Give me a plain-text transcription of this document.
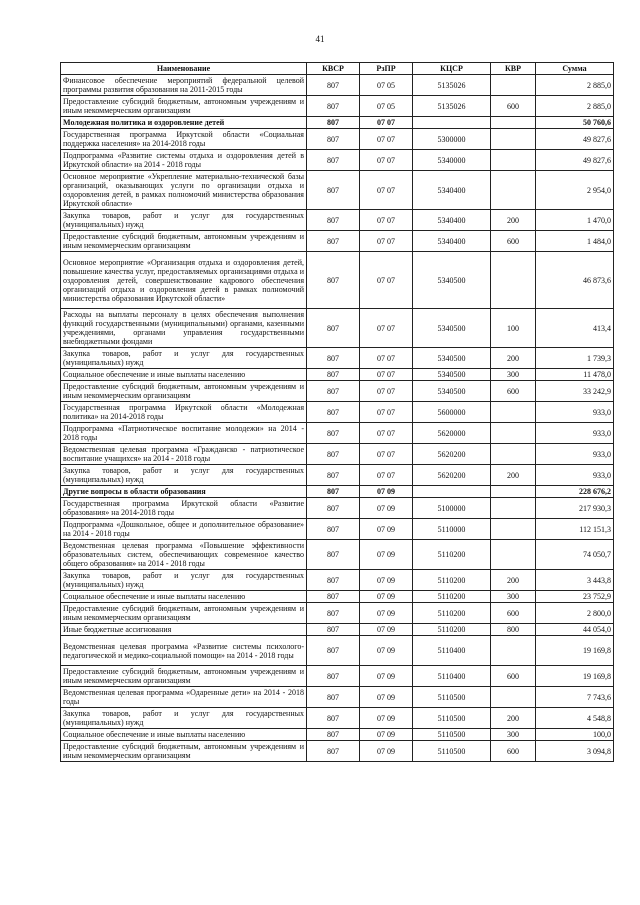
41
Наименование	КВСР	РзПР	КЦСР	КВР	Сумма
Финансовое обеспечение мероприятий федеральной целевой программы развития образования на 2011-2015 годы	807	07 05	5135026		2 885,0
Предоставление субсидий бюджетным, автономным учреждениям и иным некоммерческим организациям	807	07 05	5135026	600	2 885,0
Молодежная политика и оздоровление детей	807	07 07			50 760,6
Государственная программа Иркутской области «Социальная поддержка населения» на 2014-2018 годы	807	07 07	5300000		49 827,6
Подпрограмма «Развитие системы отдыха и оздоровления детей в Иркутской области» на 2014 - 2018 годы	807	07 07	5340000		49 827,6
Основное мероприятие «Укрепление материально-технической базы организаций, оказывающих услуги по организации отдыха и оздоровления детей, в рамках полномочий министерства образования Иркутской области»	807	07 07	5340400		2 954,0
Закупка товаров, работ и услуг для государственных (муниципальных) нужд	807	07 07	5340400	200	1 470,0
Предоставление субсидий бюджетным, автономным учреждениям и иным некоммерческим организациям	807	07 07	5340400	600	1 484,0
Основное мероприятие «Организация отдыха и оздоровления детей, повышение качества услуг, предоставляемых организациями отдыха и оздоровления детей, совершенствование кадрового обеспечения организаций отдыха и оздоровления детей в рамках полномочий министерства образования Иркутской области»	807	07 07	5340500		46 873,6
Расходы на выплаты персоналу в целях обеспечения выполнения функций государственными (муниципальными) органами, казенными учреждениями, органами управления государственными внебюджетными фондами	807	07 07	5340500	100	413,4
Закупка товаров, работ и услуг для государственных (муниципальных) нужд	807	07 07	5340500	200	1 739,3
Социальное обеспечение и иные выплаты населению	807	07 07	5340500	300	11 478,0
Предоставление субсидий бюджетным, автономным учреждениям и иным некоммерческим организациям	807	07 07	5340500	600	33 242,9
Государственная программа Иркутской области «Молодежная политика» на 2014-2018 годы	807	07 07	5600000		933,0
Подпрограмма «Патриотическое воспитание молодежи» на 2014 - 2018 годы	807	07 07	5620000		933,0
Ведомственная целевая программа «Гражданско - патриотическое воспитание учащихся» на 2014 - 2018 годы	807	07 07	5620200		933,0
Закупка товаров, работ и услуг для государственных (муниципальных) нужд	807	07 07	5620200	200	933,0
Другие вопросы в области образования	807	07 09			228 676,2
Государственная программа Иркутской области «Развитие образования» на 2014-2018 годы	807	07 09	5100000		217 930,3
Подпрограмма «Дошкольное, общее и дополнительное образование» на 2014 - 2018 годы	807	07 09	5110000		112 151,3
Ведомственная целевая программа «Повышение эффективности образовательных систем, обеспечивающих современное качество общего образования» на 2014 - 2018 годы	807	07 09	5110200		74 050,7
Закупка товаров, работ и услуг для государственных (муниципальных) нужд	807	07 09	5110200	200	3 443,8
Социальное обеспечение и иные выплаты населению	807	07 09	5110200	300	23 752,9
Предоставление субсидий бюджетным, автономным учреждениям и иным некоммерческим организациям	807	07 09	5110200	600	2 800,0
Иные бюджетные ассигнования	807	07 09	5110200	800	44 054,0
Ведомственная целевая программа «Развитие системы психолого-педагогической и медико-социальной помощи» на 2014 - 2018 годы	807	07 09	5110400		19 169,8
Предоставление субсидий бюджетным, автономным учреждениям и иным некоммерческим организациям	807	07 09	5110400	600	19 169,8
Ведомственная целевая программа «Одаренные дети» на 2014 - 2018 годы	807	07 09	5110500		7 743,6
Закупка товаров, работ и услуг для государственных (муниципальных) нужд	807	07 09	5110500	200	4 548,8
Социальное обеспечение и иные выплаты населению	807	07 09	5110500	300	100,0
Предоставление субсидий бюджетным, автономным учреждениям и иным некоммерческим организациям	807	07 09	5110500	600	3 094,8
